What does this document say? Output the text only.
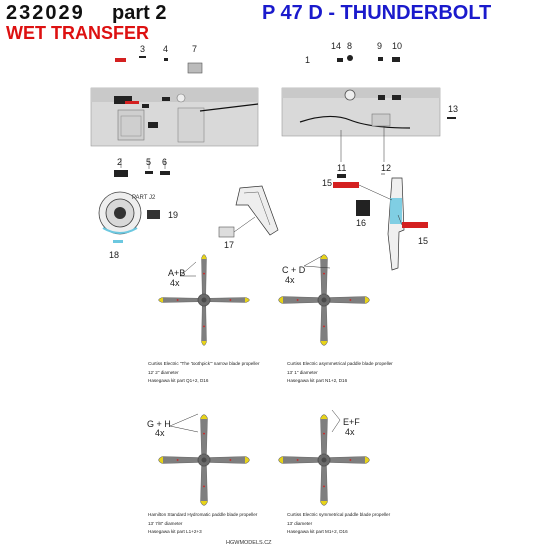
232029 part 2	P 47 D - THUNDERBOLT
WET TRANSFER
2
3 4
5 6
7
1
8	9 10
11	12
13
14
15
16
15
17
18
19
PART J2
A+B
4x
C + D
4x
G + H
4x
E+F
4x
Curtiss Electric "The 'toothpick'" narrow blade propeller
12' 2" diameter
Hasegawa kit part Q1+2, D16
Curtiss Electric asymmetrical paddle blade propeller
13' 1" diameter
Hasegawa kit part N1+2, D16
Hamilton Standard Hydromatic paddle blade propeller
13' 7/8" diameter
Hasegawa kit part L1+2+3
Curtiss Electric symmetrical paddle blade propeller
13' diameter
Hasegawa kit part M1+2, D16
HGWMODELS.CZ
